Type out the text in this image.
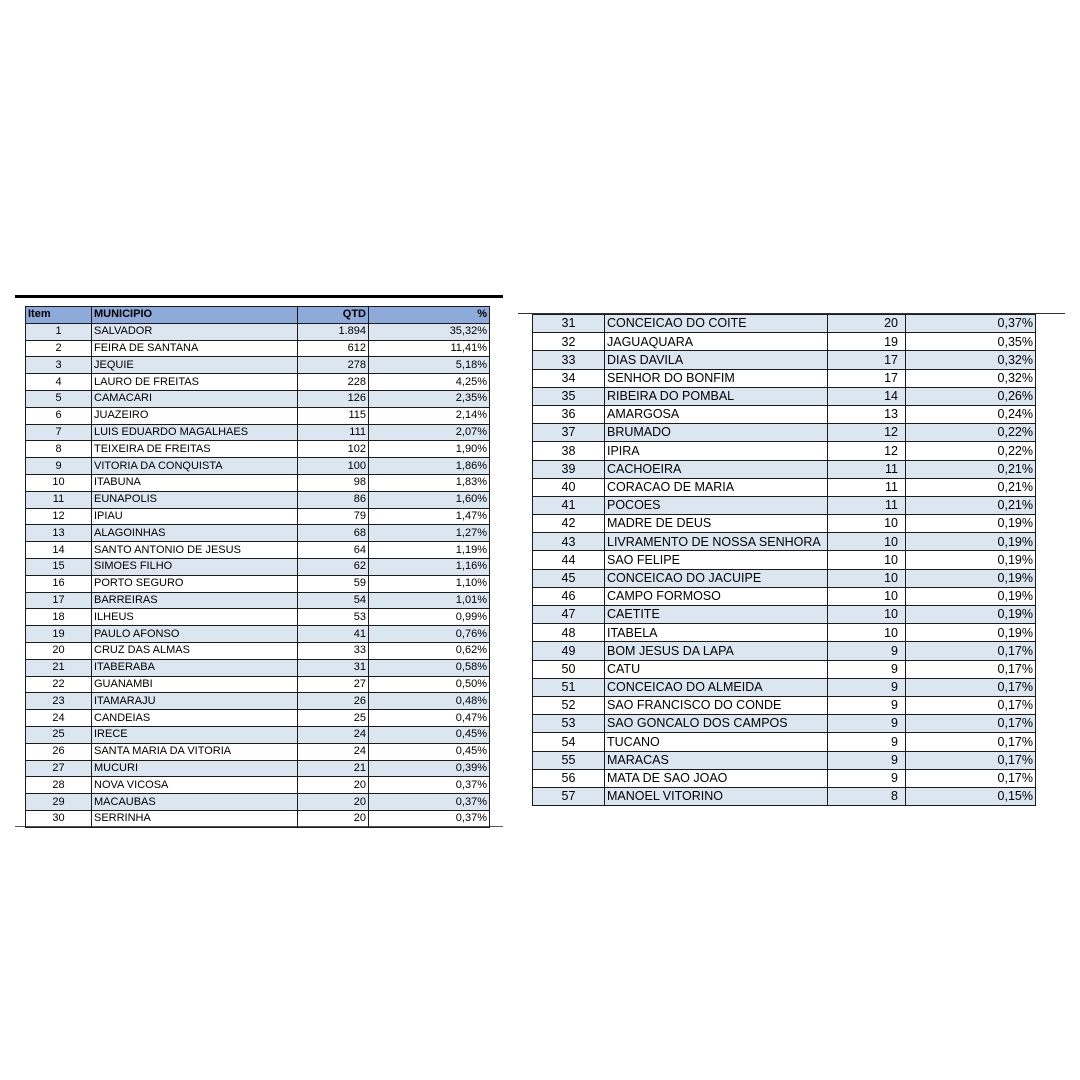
Item	MUNICIPIO	QTD	%
1	SALVADOR	1.894	35,32%
2	FEIRA DE SANTANA	612	11,41%
3	JEQUIE	278	5,18%
4	LAURO DE FREITAS	228	4,25%
5	CAMACARI	126	2,35%
6	JUAZEIRO	115	2,14%
7	LUIS EDUARDO MAGALHAES	111	2,07%
8	TEIXEIRA DE FREITAS	102	1,90%
9	VITORIA DA CONQUISTA	100	1,86%
10	ITABUNA	98	1,83%
11	EUNAPOLIS	86	1,60%
12	IPIAU	79	1,47%
13	ALAGOINHAS	68	1,27%
14	SANTO ANTONIO DE JESUS	64	1,19%
15	SIMOES FILHO	62	1,16%
16	PORTO SEGURO	59	1,10%
17	BARREIRAS	54	1,01%
18	ILHEUS	53	0,99%
19	PAULO AFONSO	41	0,76%
20	CRUZ DAS ALMAS	33	0,62%
21	ITABERABA	31	0,58%
22	GUANAMBI	27	0,50%
23	ITAMARAJU	26	0,48%
24	CANDEIAS	25	0,47%
25	IRECE	24	0,45%
26	SANTA MARIA DA VITORIA	24	0,45%
27	MUCURI	21	0,39%
28	NOVA VICOSA	20	0,37%
29	MACAUBAS	20	0,37%
30	SERRINHA	20	0,37%
31	CONCEICAO DO COITE	20	0,37%
32	JAGUAQUARA	19	0,35%
33	DIAS DAVILA	17	0,32%
34	SENHOR DO BONFIM	17	0,32%
35	RIBEIRA DO POMBAL	14	0,26%
36	AMARGOSA	13	0,24%
37	BRUMADO	12	0,22%
38	IPIRA	12	0,22%
39	CACHOEIRA	11	0,21%
40	CORACAO DE MARIA	11	0,21%
41	POCOES	11	0,21%
42	MADRE DE DEUS	10	0,19%
43	LIVRAMENTO DE NOSSA SENHORA	10	0,19%
44	SAO FELIPE	10	0,19%
45	CONCEICAO DO JACUIPE	10	0,19%
46	CAMPO FORMOSO	10	0,19%
47	CAETITE	10	0,19%
48	ITABELA	10	0,19%
49	BOM JESUS DA LAPA	9	0,17%
50	CATU	9	0,17%
51	CONCEICAO DO ALMEIDA	9	0,17%
52	SAO FRANCISCO DO CONDE	9	0,17%
53	SAO GONCALO DOS CAMPOS	9	0,17%
54	TUCANO	9	0,17%
55	MARACAS	9	0,17%
56	MATA DE SAO JOAO	9	0,17%
57	MANOEL VITORINO	8	0,15%
